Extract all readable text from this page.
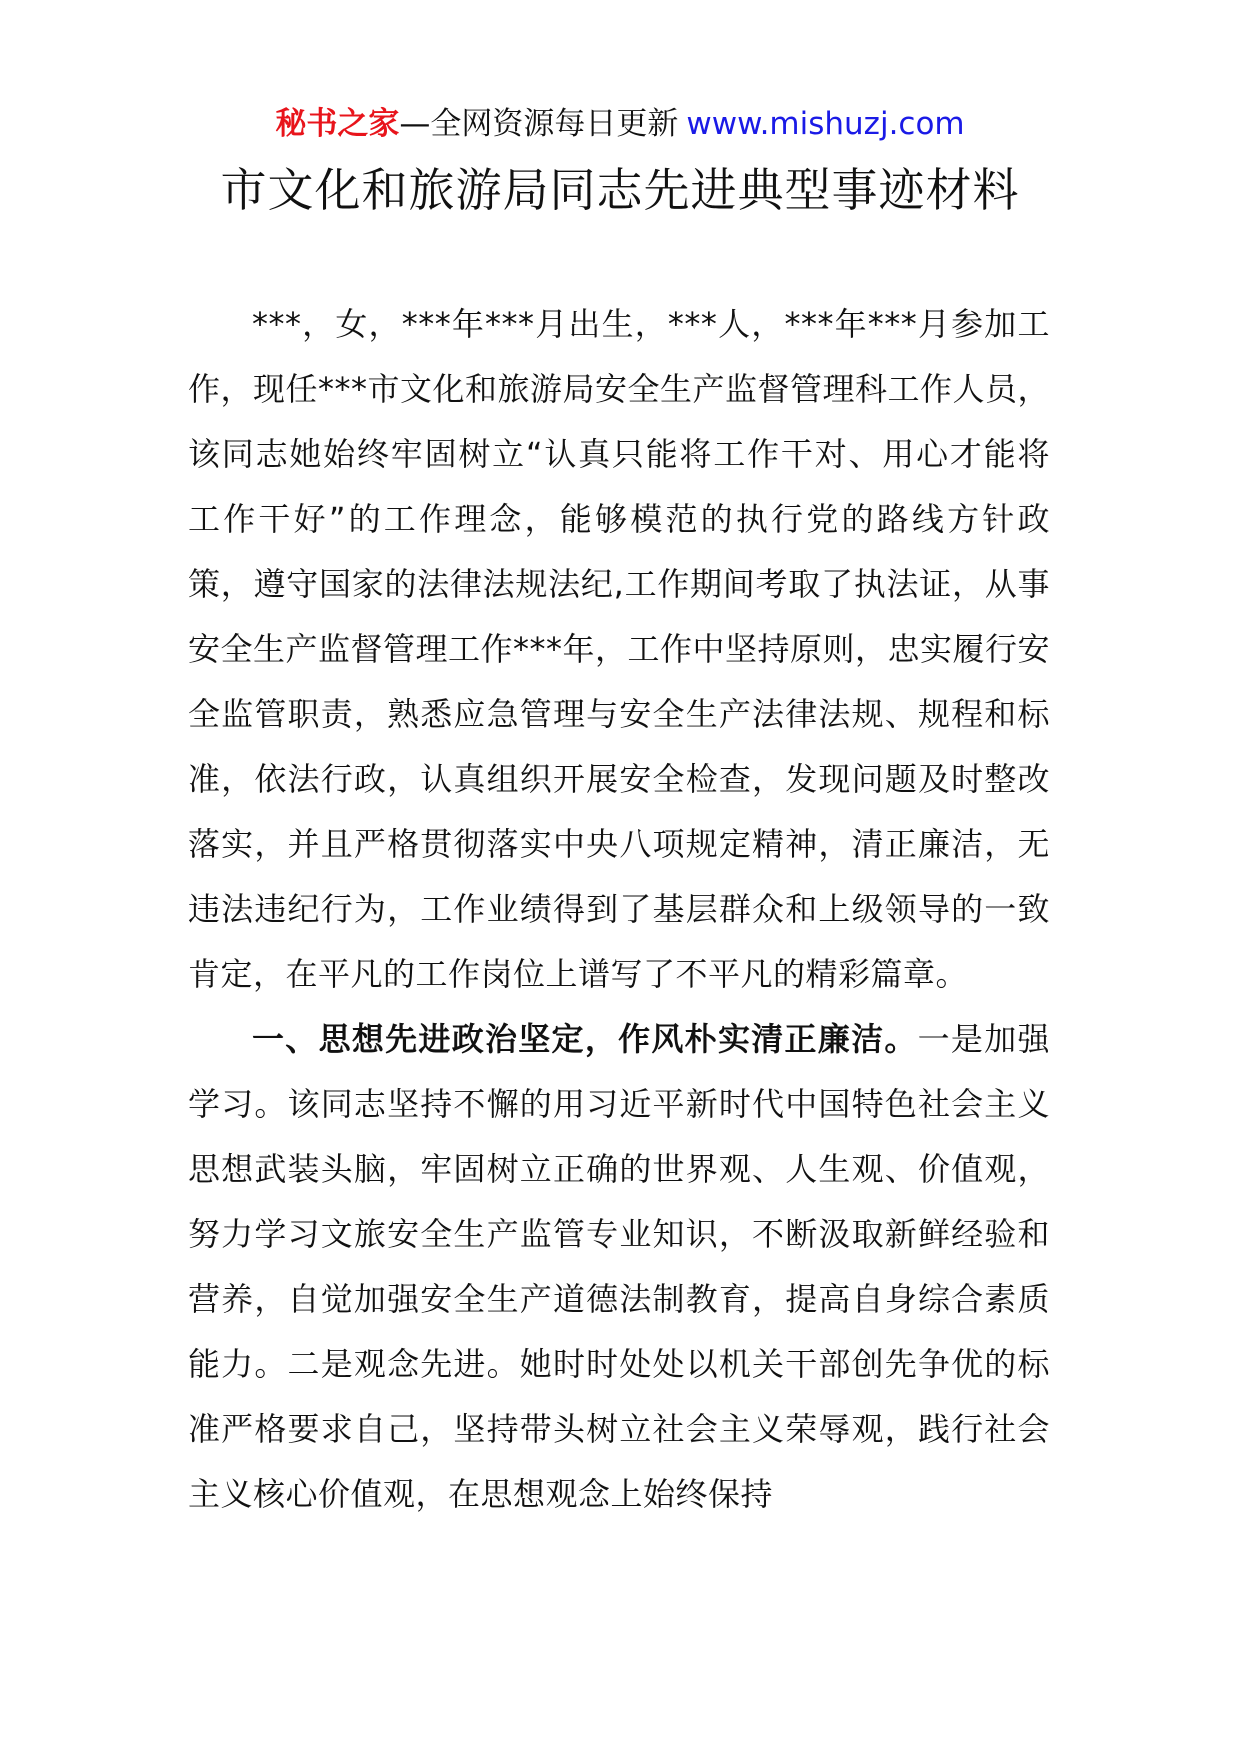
秘书之家—全网资源每日更新 www.mishuzj.com
市文化和旅游局同志先进典型事迹材料

***，女，***年***月出生，***人，***年***月参加工作，现任***市文化和旅游局安全生产监督管理科工作人员，该同志她始终牢固树立“认真只能将工作干对、用心才能将工作干好”的工作理念，能够模范的执行党的路线方针政策，遵守国家的法律法规法纪,工作期间考取了执法证，从事安全生产监督管理工作***年，工作中坚持原则，忠实履行安全监管职责，熟悉应急管理与安全生产法律法规、规程和标准，依法行政，认真组织开展安全检查，发现问题及时整改落实，并且严格贯彻落实中央八项规定精神，清正廉洁，无违法违纪行为，工作业绩得到了基层群众和上级领导的一致肯定，在平凡的工作岗位上谱写了不平凡的精彩篇章。

一、思想先进政治坚定，作风朴实清正廉洁。一是加强学习。该同志坚持不懈的用习近平新时代中国特色社会主义思想武装头脑，牢固树立正确的世界观、人生观、价值观，努力学习文旅安全生产监管专业知识，不断汲取新鲜经验和营养，自觉加强安全生产道德法制教育，提高自身综合素质能力。二是观念先进。她时时处处以机关干部创先争优的标准严格要求自己，坚持带头树立社会主义荣辱观，践行社会主义核心价值观，在思想观念上始终保持
